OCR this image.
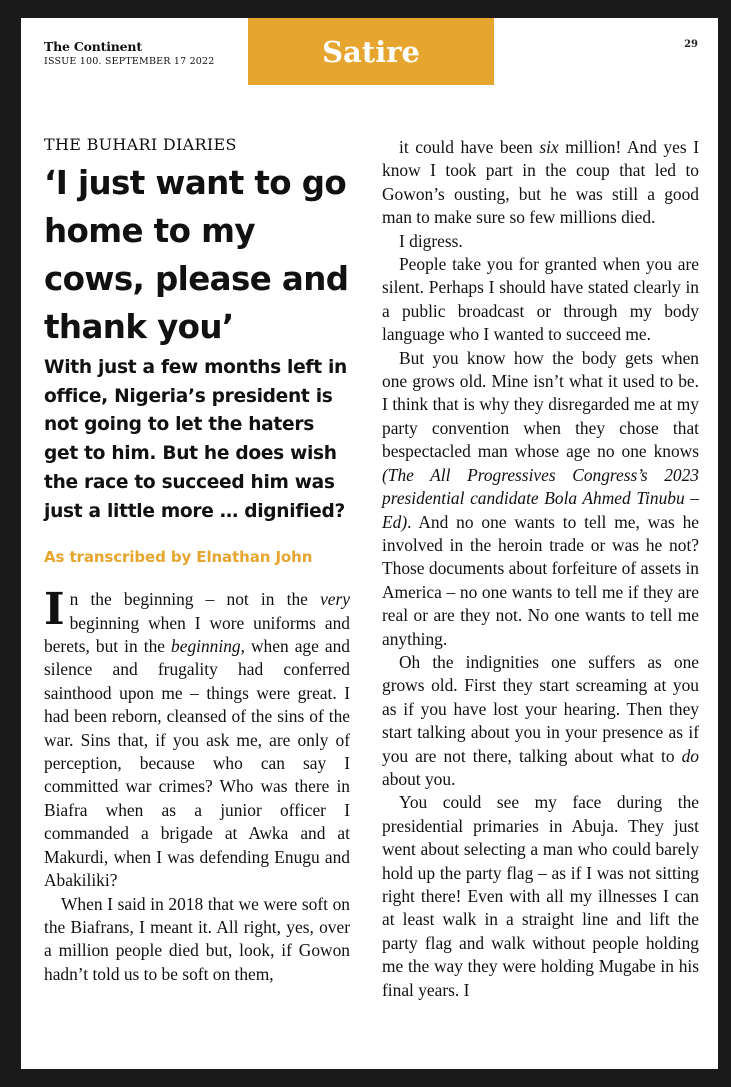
The Continent
ISSUE 100. SEPTEMBER 17 2022	Satire	29
THE BUHARI DIARIES
‘I just want to go home to my cows, please and thank you’
With just a few months left in office, Nigeria’s president is not going to let the haters get to him. But he does wish the race to succeed him was just a little more … dignified?
As transcribed by Elnathan John

In the beginning – not in the very beginning when I wore uniforms and berets, but in the beginning, when age and silence and frugality had conferred sainthood upon me – things were great. I had been reborn, cleansed of the sins of the war. Sins that, if you ask me, are only of perception, because who can say I committed war crimes? Who was there in Biafra when as a junior officer I commanded a brigade at Awka and at Makurdi, when I was defending Enugu and Abakiliki?

When I said in 2018 that we were soft on the Biafrans, I meant it. All right, yes, over a million people died but, look, if Gowon hadn’t told us to be soft on them,

it could have been six million! And yes I know I took part in the coup that led to Gowon’s ousting, but he was still a good man to make sure so few millions died.

I digress.

People take you for granted when you are silent. Perhaps I should have stated clearly in a public broadcast or through my body language who I wanted to succeed me.

But you know how the body gets when one grows old. Mine isn’t what it used to be. I think that is why they disregarded me at my party convention when they chose that bespectacled man whose age no one knows (The All Progressives Congress’s 2023 presidential candidate Bola Ahmed Tinubu – Ed). And no one wants to tell me, was he involved in the heroin trade or was he not? Those documents about forfeiture of assets in America – no one wants to tell me if they are real or are they not. No one wants to tell me anything.

Oh the indignities one suffers as one grows old. First they start screaming at you as if you have lost your hearing. Then they start talking about you in your presence as if you are not there, talking about what to do about you.

You could see my face during the presidential primaries in Abuja. They just went about selecting a man who could barely hold up the party flag – as if I was not sitting right there! Even with all my illnesses I can at least walk in a straight line and lift the party flag and walk without people holding me the way they were holding Mugabe in his final years. I
